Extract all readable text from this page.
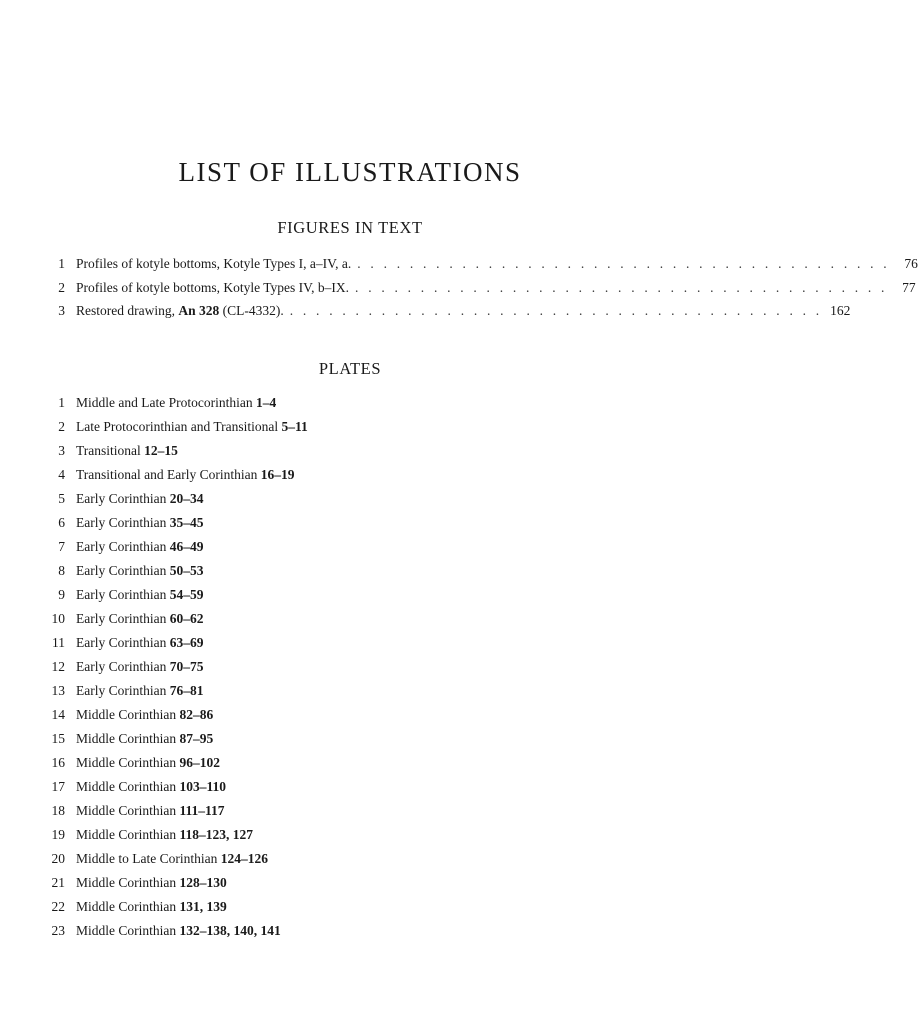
LIST OF ILLUSTRATIONS
FIGURES IN TEXT
1 Profiles of kotyle bottoms, Kotyle Types I, a–IV, a. . . . . . . . . . . . . . . . . . . . . . . . . . . . . . . . . . . . . . . . . .	76
2 Profiles of kotyle bottoms, Kotyle Types IV, b–IX. . . . . . . . . . . . . . . . . . . . . . . . . . . . . . . . . . . . . . . . . .	77
3 Restored drawing, An 328 (CL-4332). . . . . . . . . . . . . . . . . . . . . . . . . . . . . . . . . . . . . . . . . . 162
PLATES
1 Middle and Late Protocorinthian 1–4
2 Late Protocorinthian and Transitional 5–11
3 Transitional 12–15
4 Transitional and Early Corinthian 16–19
5 Early Corinthian 20–34
6 Early Corinthian 35–45
7 Early Corinthian 46–49
8 Early Corinthian 50–53
9 Early Corinthian 54–59
10 Early Corinthian 60–62
11 Early Corinthian 63–69
12 Early Corinthian 70–75
13 Early Corinthian 76–81
14 Middle Corinthian 82–86
15 Middle Corinthian 87–95
16 Middle Corinthian 96–102
17 Middle Corinthian 103–110
18 Middle Corinthian 111–117
19 Middle Corinthian 118–123, 127
20 Middle to Late Corinthian 124–126
21 Middle Corinthian 128–130
22 Middle Corinthian 131, 139
23 Middle Corinthian 132–138, 140, 141
